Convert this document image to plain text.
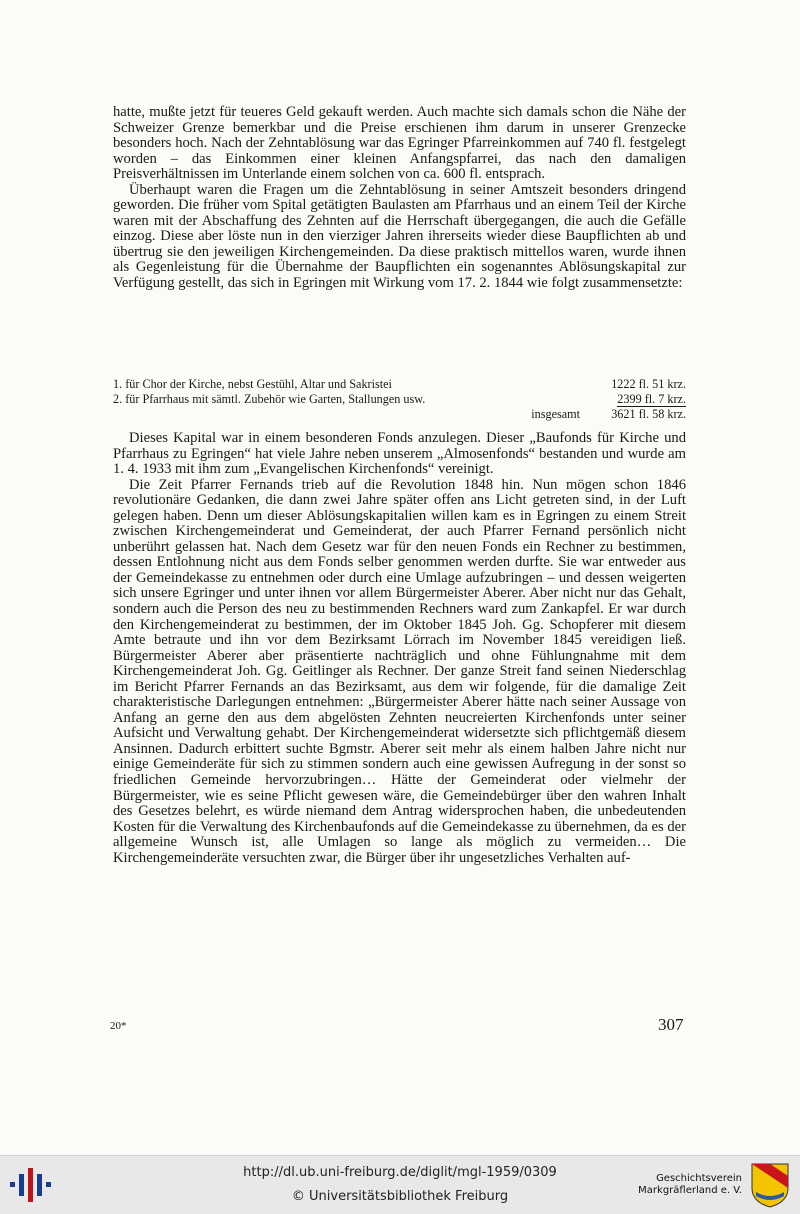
hatte, mußte jetzt für teueres Geld gekauft werden. Auch machte sich damals schon die Nähe der Schweizer Grenze bemerkbar und die Preise erschienen ihm darum in unserer Grenzecke besonders hoch. Nach der Zehntablösung war das Egringer Pfarreinkommen auf 740 fl. festgelegt worden – das Einkommen einer kleinen Anfangspfarrei, das nach den damaligen Preisverhältnissen im Unterlande einem solchen von ca. 600 fl. entsprach.

Überhaupt waren die Fragen um die Zehntablösung in seiner Amtszeit besonders dringend geworden. Die früher vom Spital getätigten Baulasten am Pfarrhaus und an einem Teil der Kirche waren mit der Abschaffung des Zehnten auf die Herrschaft übergegangen, die auch die Gefälle einzog. Diese aber löste nun in den vierziger Jahren ihrerseits wieder diese Baupflichten ab und übertrug sie den jeweiligen Kirchengemeinden. Da diese praktisch mittellos waren, wurde ihnen als Gegenleistung für die Übernahme der Baupflichten ein sogenanntes Ablösungskapital zur Verfügung gestellt, das sich in Egringen mit Wirkung vom 17. 2. 1844 wie folgt zusammensetzte:

1. für Chor der Kirche, nebst Gestühl, Altar und Sakristei	1222 fl. 51 krz.
2. für Pfarrhaus mit sämtl. Zubehör wie Garten, Stallungen usw.	2399 fl. 7 krz.
insgesamt	3621 fl. 58 krz.

Dieses Kapital war in einem besonderen Fonds anzulegen. Dieser „Baufonds für Kirche und Pfarrhaus zu Egringen“ hat viele Jahre neben unserem „Almosenfonds“ bestanden und wurde am 1. 4. 1933 mit ihm zum „Evangelischen Kirchenfonds“ vereinigt.

Die Zeit Pfarrer Fernands trieb auf die Revolution 1848 hin. Nun mögen schon 1846 revolutionäre Gedanken, die dann zwei Jahre später offen ans Licht getreten sind, in der Luft gelegen haben. Denn um dieser Ablösungskapitalien willen kam es in Egringen zu einem Streit zwischen Kirchengemeinderat und Gemeinderat, der auch Pfarrer Fernand persönlich nicht unberührt gelassen hat. Nach dem Gesetz war für den neuen Fonds ein Rechner zu bestimmen, dessen Entlohnung nicht aus dem Fonds selber genommen werden durfte. Sie war entweder aus der Gemeindekasse zu entnehmen oder durch eine Umlage aufzubringen – und dessen weigerten sich unsere Egringer und unter ihnen vor allem Bürgermeister Aberer. Aber nicht nur das Gehalt, sondern auch die Person des neu zu bestimmenden Rechners ward zum Zankapfel. Er war durch den Kirchengemeinderat zu bestimmen, der im Oktober 1845 Joh. Gg. Schopferer mit diesem Amte betraute und ihn vor dem Bezirksamt Lörrach im November 1845 vereidigen ließ. Bürgermeister Aberer aber präsentierte nachträglich und ohne Fühlungnahme mit dem Kirchengemeinderat Joh. Gg. Geitlinger als Rechner. Der ganze Streit fand seinen Niederschlag im Bericht Pfarrer Fernands an das Bezirksamt, aus dem wir folgende, für die damalige Zeit charakteristische Darlegungen entnehmen: „Bürgermeister Aberer hätte nach seiner Aussage von Anfang an gerne den aus dem abgelösten Zehnten neucreierten Kirchenfonds unter seiner Aufsicht und Verwaltung gehabt. Der Kirchengemeinderat widersetzte sich pflichtgemäß diesem Ansinnen. Dadurch erbittert suchte Bgmstr. Aberer seit mehr als einem halben Jahre nicht nur einige Gemeinderäte für sich zu stimmen sondern auch eine gewissen Aufregung in der sonst so friedlichen Gemeinde hervorzubringen… Hätte der Gemeinderat oder vielmehr der Bürgermeister, wie es seine Pflicht gewesen wäre, die Gemeindebürger über den wahren Inhalt des Gesetzes belehrt, es würde niemand dem Antrag widersprochen haben, die unbedeutenden Kosten für die Verwaltung des Kirchenbaufonds auf die Gemeindekasse zu übernehmen, da es der allgemeine Wunsch ist, alle Umlagen so lange als möglich zu vermeiden… Die Kirchengemeinderäte versuchten zwar, die Bürger über ihr ungesetzliches Verhalten auf-

20*	307
http://dl.ub.uni-freiburg.de/diglit/mgl-1959/0309
© Universitätsbibliothek Freiburg
Geschichtsverein
Markgräflerland e. V.
